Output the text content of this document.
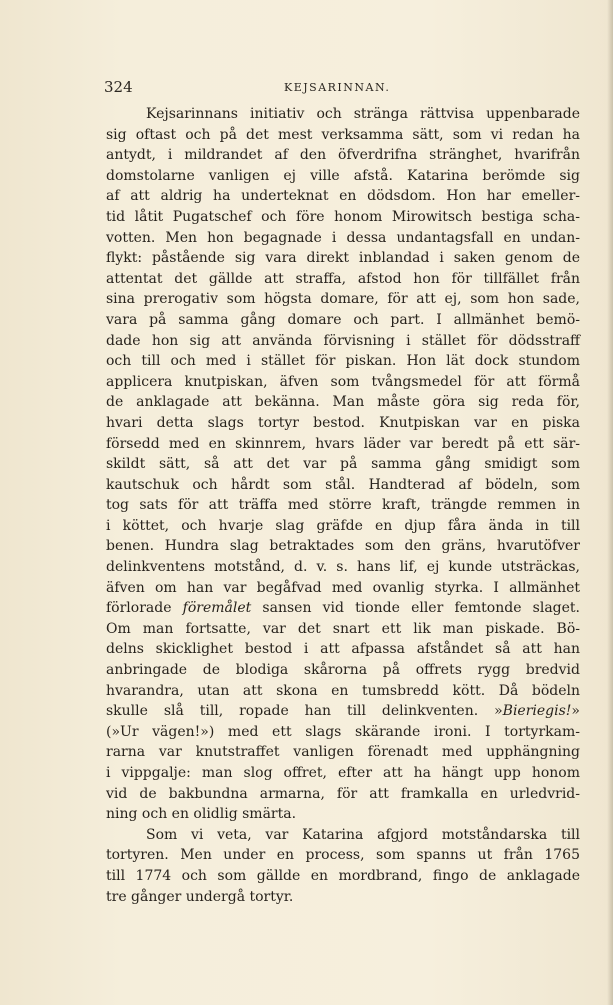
324	KEJSARINNAN.
Kejsarinnans initiativ och stränga rättvisa uppenbarade
sig oftast och på det mest verksamma sätt, som vi redan ha
antydt, i mildrandet af den öfverdrifna stränghet, hvarifrån
domstolarne vanligen ej ville afstå. Katarina berömde sig
af att aldrig ha underteknat en dödsdom. Hon har emeller-
tid låtit Pugatschef och före honom Mirowitsch bestiga scha-
votten. Men hon begagnade i dessa undantagsfall en undan-
flykt: påstående sig vara direkt inblandad i saken genom de
attentat det gällde att straffa, afstod hon för tillfället från
sina prerogativ som högsta domare, för att ej, som hon sade,
vara på samma gång domare och part. I allmänhet bemö-
dade hon sig att använda förvisning i stället för dödsstraff
och till och med i stället för piskan. Hon lät dock stundom
applicera knutpiskan, äfven som tvångsmedel för att förmå
de anklagade att bekänna. Man måste göra sig reda för,
hvari detta slags tortyr bestod. Knutpiskan var en piska
försedd med en skinnrem, hvars läder var beredt på ett sär-
skildt sätt, så att det var på samma gång smidigt som
kautschuk och hårdt som stål. Handterad af bödeln, som
tog sats för att träffa med större kraft, trängde remmen in
i köttet, och hvarje slag gräfde en djup fåra ända in till
benen. Hundra slag betraktades som den gräns, hvarutöfver
delinkventens motstånd, d. v. s. hans lif, ej kunde utsträckas,
äfven om han var begåfvad med ovanlig styrka. I allmänhet
förlorade föremålet sansen vid tionde eller femtonde slaget.
Om man fortsatte, var det snart ett lik man piskade. Bö-
delns skicklighet bestod i att afpassa afståndet så att han
anbringade de blodiga skårorna på offrets rygg bredvid
hvarandra, utan att skona en tumsbredd kött. Då bödeln
skulle slå till, ropade han till delinkventen. »Bieriegis!»
(»Ur vägen!») med ett slags skärande ironi. I tortyrkam-
rarna var knutstraffet vanligen förenadt med upphängning
i vippgalje: man slog offret, efter att ha hängt upp honom
vid de bakbundna armarna, för att framkalla en urledvrid-
ning och en olidlig smärta.
Som vi veta, var Katarina afgjord motståndarska till
tortyren. Men under en process, som spanns ut från 1765
till 1774 och som gällde en mordbrand, fingo de anklagade
tre gånger undergå tortyr.
